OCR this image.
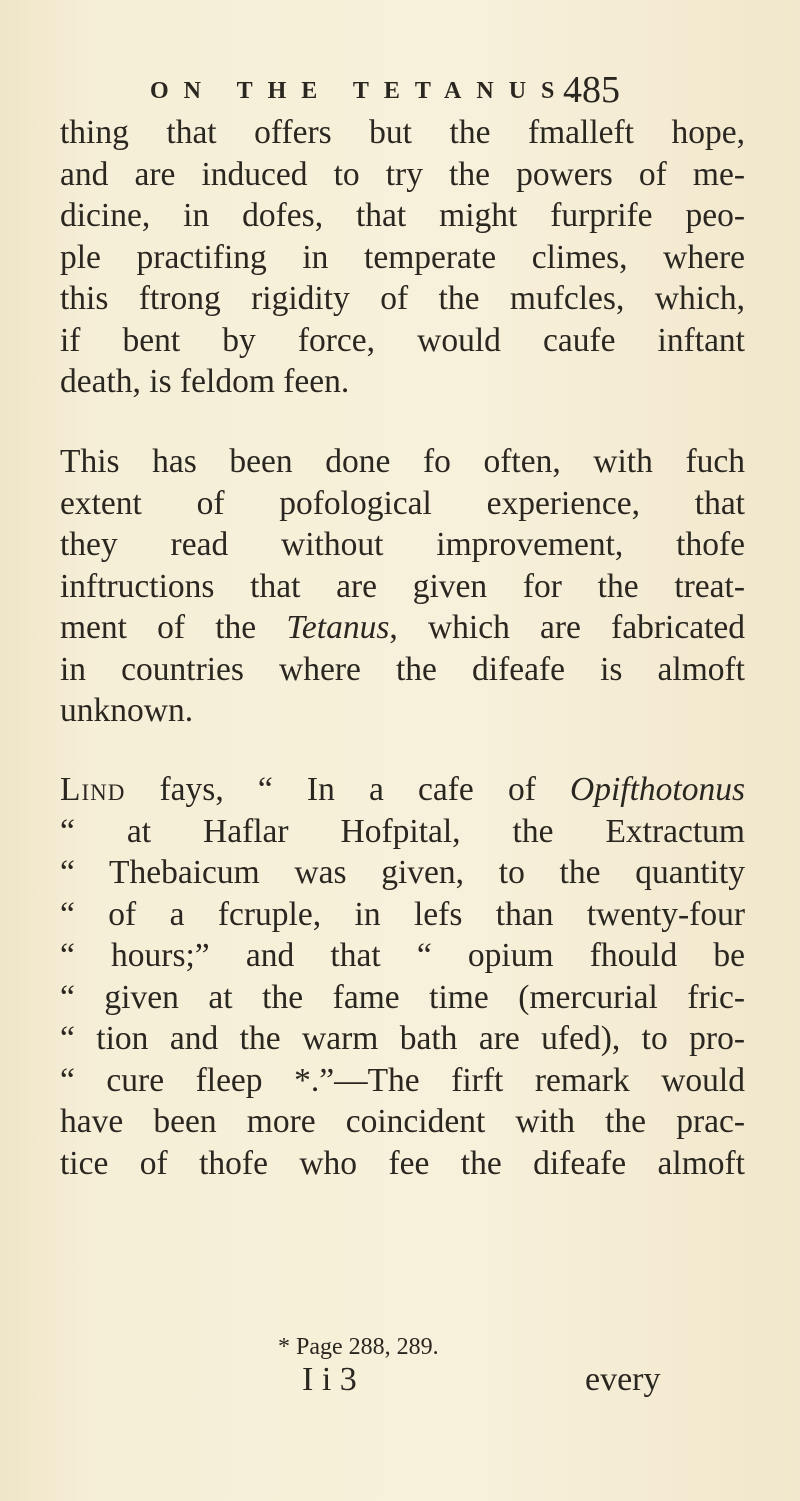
ON THE TETANUS.
485
thing that offers but the fmalleft hope,
and are induced to try the powers of me-
dicine, in dofes, that might furprife peo-
ple practifing in temperate climes, where
this ftrong rigidity of the mufcles, which,
if bent by force, would caufe inftant
death, is feldom feen.
This has been done fo often, with fuch
extent of pofological experience, that
they read without improvement, thofe
inftructions that are given for the treat-
ment of the Tetanus, which are fabricated
in countries where the difeafe is almoft
unknown.
Lind fays, “ In a cafe of Opifthotonus
“ at Haflar Hofpital, the Extractum
“ Thebaicum was given, to the quantity
“ of a fcruple, in lefs than twenty-four
“ hours;” and that “ opium fhould be
“ given at the fame time (mercurial fric-
“ tion and the warm bath are ufed), to pro-
“ cure fleep *.”—The firft remark would
have been more coincident with the prac-
tice of thofe who fee the difeafe almoft
* Page 288, 289.
I i 3	every
